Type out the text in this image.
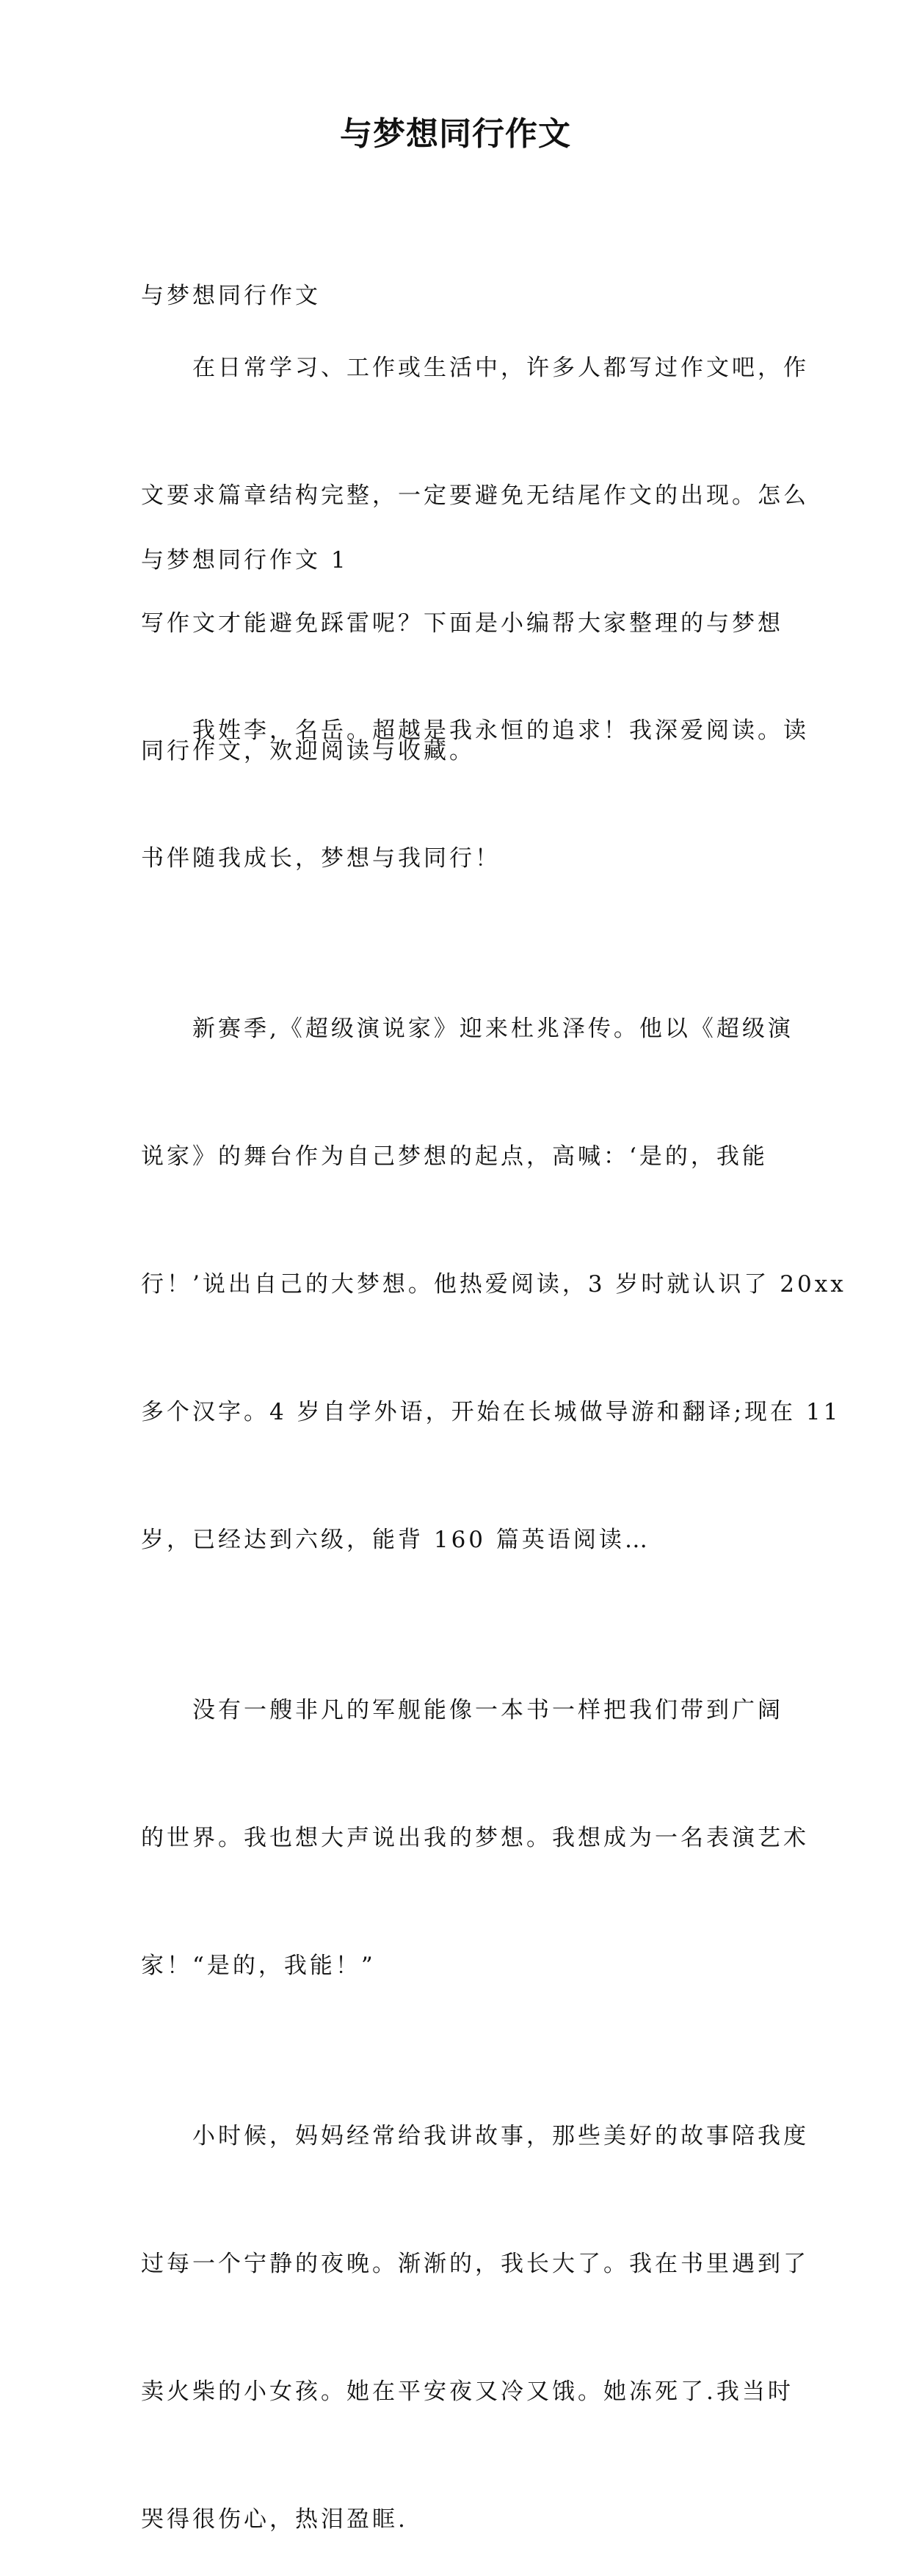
与梦想同行作文

与梦想同行作文

在日常学习、工作或生活中，许多人都写过作文吧，作

文要求篇章结构完整，一定要避免无结尾作文的出现。怎么

写作文才能避免踩雷呢？下面是小编帮大家整理的与梦想

同行作文，欢迎阅读与收藏。

与梦想同行作文 1

我姓李，名岳。超越是我永恒的追求！我深爱阅读。读

书伴随我成长，梦想与我同行！

新赛季,《超级演说家》迎来杜兆泽传。他以《超级演

说家》的舞台作为自己梦想的起点，高喊：‘是的，我能

行！’说出自己的大梦想。他热爱阅读，3 岁时就认识了 20xx

多个汉字。4 岁自学外语，开始在长城做导游和翻译;现在 11

岁，已经达到六级，能背 160 篇英语阅读…

没有一艘非凡的军舰能像一本书一样把我们带到广阔

的世界。我也想大声说出我的梦想。我想成为一名表演艺术

家！“是的，我能！”

小时候，妈妈经常给我讲故事，那些美好的故事陪我度

过每一个宁静的夜晚。渐渐的，我长大了。我在书里遇到了

卖火柴的小女孩。她在平安夜又冷又饿。她冻死了.我当时

哭得很伤心，热泪盈眶.
